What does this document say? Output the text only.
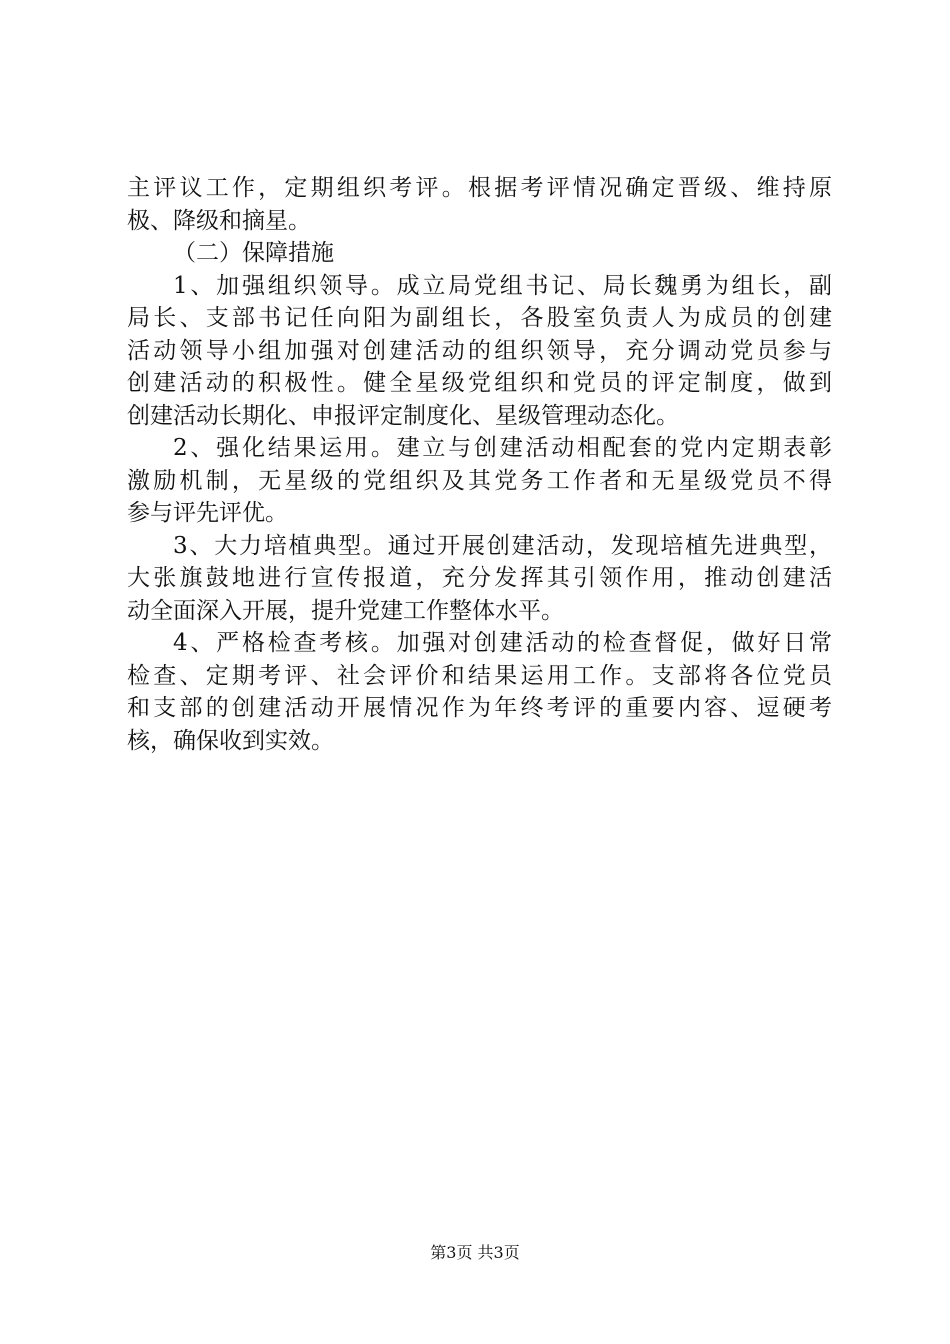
主评议工作，定期组织考评。根据考评情况确定晋级、维持原
极、降级和摘星。
（二）保障措施
1、加强组织领导。成立局党组书记、局长魏勇为组长，副
局长、支部书记任向阳为副组长，各股室负责人为成员的创建
活动领导小组加强对创建活动的组织领导，充分调动党员参与
创建活动的积极性。健全星级党组织和党员的评定制度，做到
创建活动长期化、申报评定制度化、星级管理动态化。
2、强化结果运用。建立与创建活动相配套的党内定期表彰
激励机制，无星级的党组织及其党务工作者和无星级党员不得
参与评先评优。
3、大力培植典型。通过开展创建活动，发现培植先进典型，
大张旗鼓地进行宣传报道，充分发挥其引领作用，推动创建活
动全面深入开展，提升党建工作整体水平。
4、严格检查考核。加强对创建活动的检查督促，做好日常
检查、定期考评、社会评价和结果运用工作。支部将各位党员
和支部的创建活动开展情况作为年终考评的重要内容、逗硬考
核，确保收到实效。
第3页 共3页
